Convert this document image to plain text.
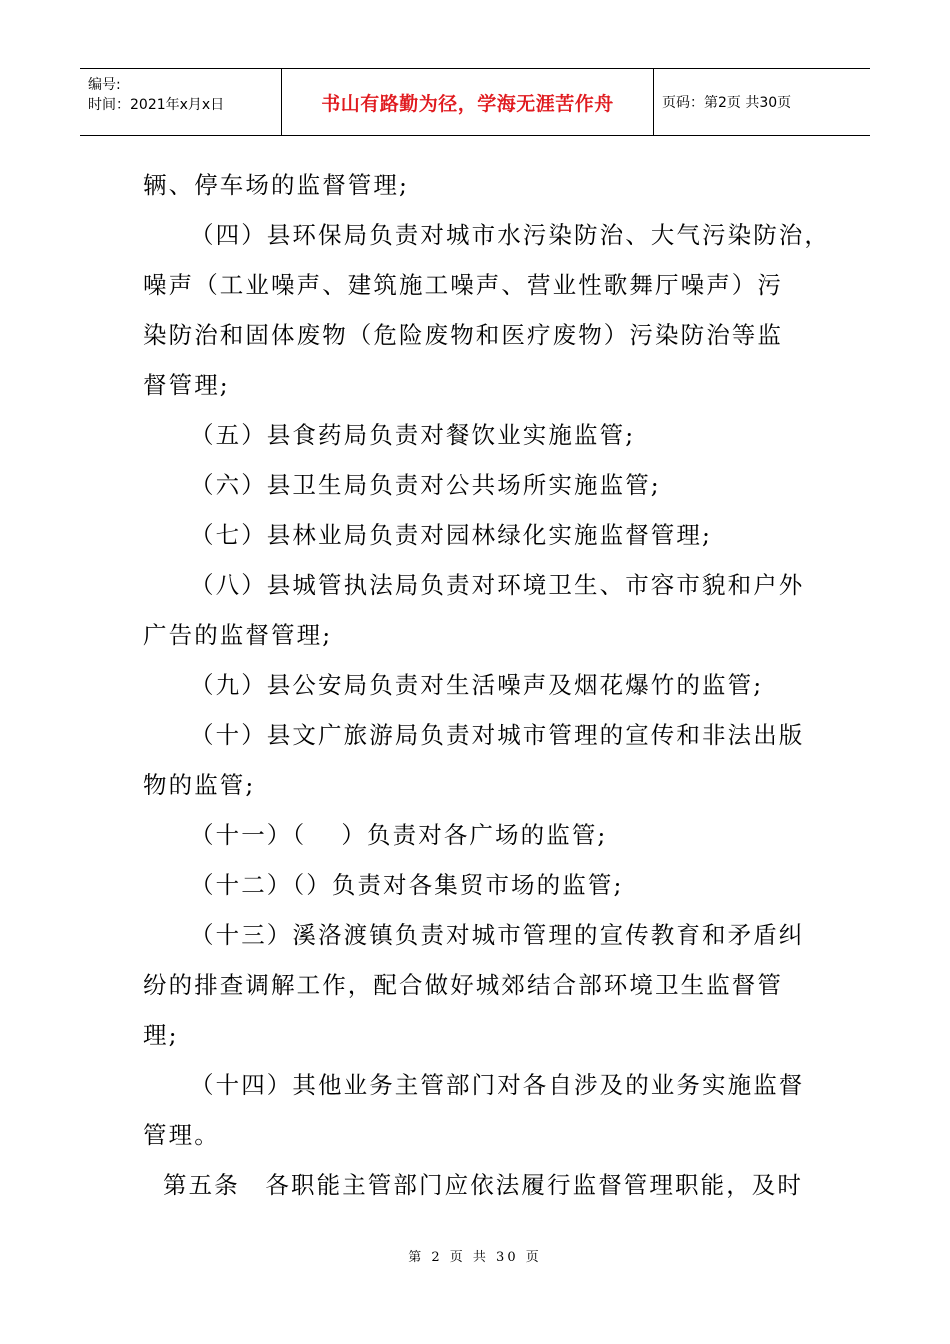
编号:
时间：2021年x月x日	书山有路勤为径，学海无涯苦作舟	页码：第2页 共30页
辆、停车场的监督管理;
（四）县环保局负责对城市水污染防治、大气污染防治，
噪声（工业噪声、建筑施工噪声、营业性歌舞厅噪声）污
染防治和固体废物（危险废物和医疗废物）污染防治等监
督管理;
（五）县食药局负责对餐饮业实施监管;
（六）县卫生局负责对公共场所实施监管;
（七）县林业局负责对园林绿化实施监督管理;
（八）县城管执法局负责对环境卫生、市容市貌和户外
广告的监督管理;
（九）县公安局负责对生活噪声及烟花爆竹的监管;
（十）县文广旅游局负责对城市管理的宣传和非法出版
物的监管;
（十一）（　 ）负责对各广场的监管;
（十二）（）负责对各集贸市场的监管;
（十三）溪洛渡镇负责对城市管理的宣传教育和矛盾纠
纷的排查调解工作，配合做好城郊结合部环境卫生监督管
理;
（十四）其他业务主管部门对各自涉及的业务实施监督
管理。
第五条　各职能主管部门应依法履行监督管理职能，及时
第 2 页 共 30 页
